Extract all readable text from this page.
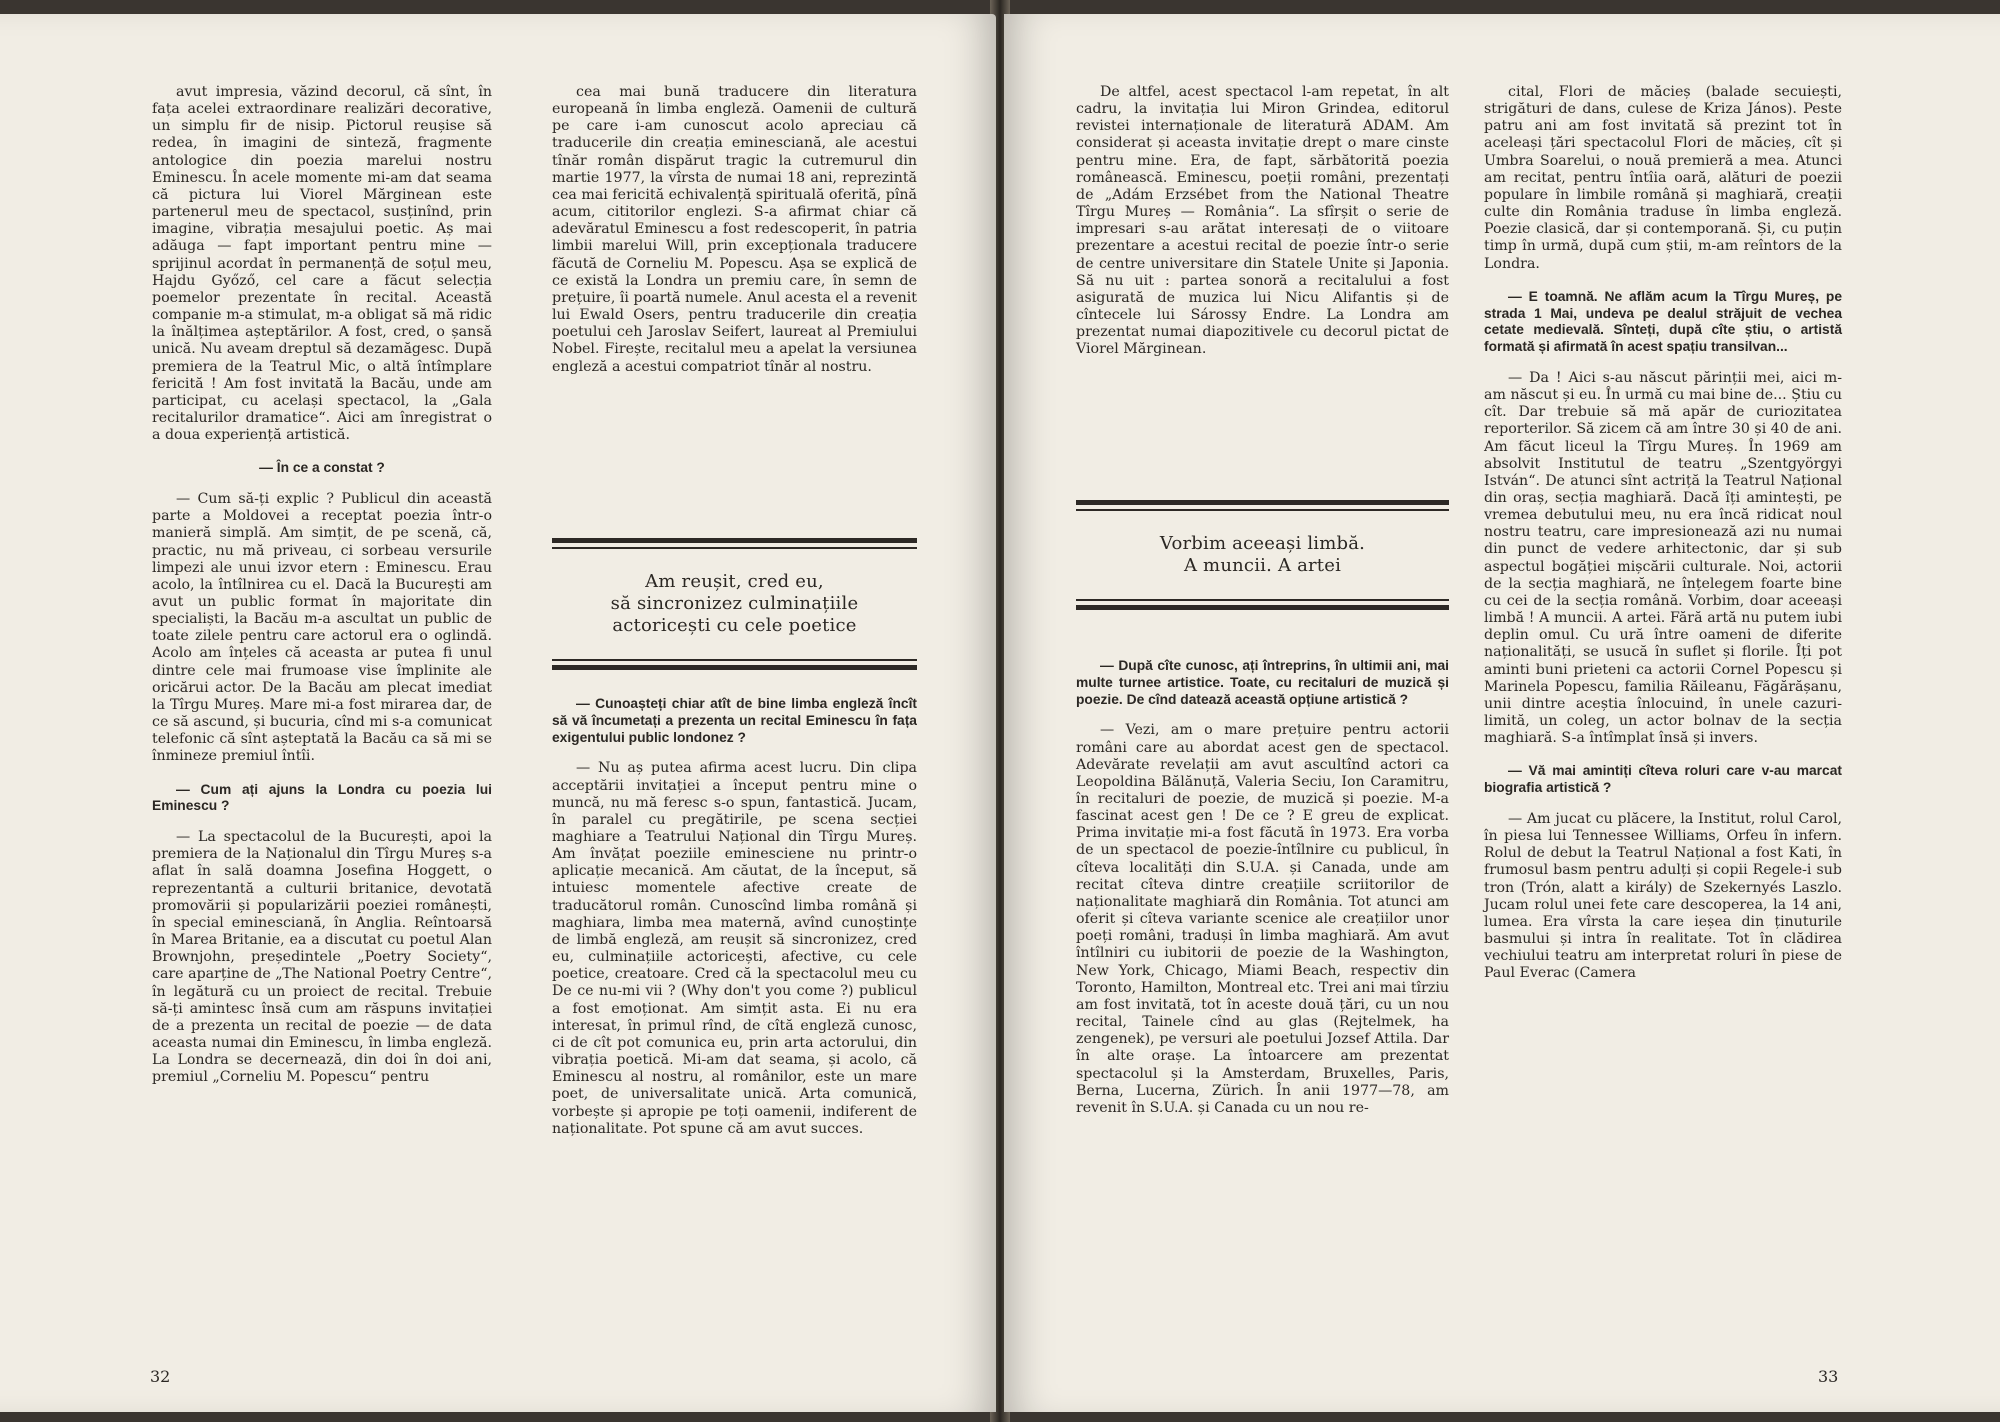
avut impresia, văzind decorul, că sînt, în fața acelei extraordinare realizări decorative, un simplu fir de nisip. Pictorul reușise să redea, în imagini de sinteză, fragmente antologice din poezia marelui nostru Eminescu. În acele momente mi-am dat seama că pictura lui Viorel Mărginean este partenerul meu de spectacol, susținînd, prin imagine, vibrația mesajului poetic. Aș mai adăuga — fapt important pentru mine — sprijinul acordat în permanență de soțul meu, Hajdu Győző, cel care a făcut selecția poemelor prezentate în recital. Această companie m-a stimulat, m-a obligat să mă ridic la înălțimea așteptărilor. A fost, cred, o șansă unică. Nu aveam dreptul să dezamăgesc. După premiera de la Teatrul Mic, o altă întîmplare fericită ! Am fost invitată la Bacău, unde am participat, cu același spectacol, la „Gala recitalurilor dramatice“. Aici am înregistrat o a doua experiență artistică.

— În ce a constat ?

— Cum să-ți explic ? Publicul din această parte a Moldovei a receptat poezia într-o manieră simplă. Am simțit, de pe scenă, că, practic, nu mă priveau, ci sorbeau versurile limpezi ale unui izvor etern : Eminescu. Erau acolo, la întîlnirea cu el. Dacă la București am avut un public format în majoritate din specialiști, la Bacău m-a ascultat un public de toate zilele pentru care actorul era o oglindă. Acolo am înțeles că aceasta ar putea fi unul dintre cele mai frumoase vise împlinite ale oricărui actor. De la Bacău am plecat imediat la Tîrgu Mureș. Mare mi-a fost mirarea dar, de ce să ascund, și bucuria, cînd mi s-a comunicat telefonic că sînt așteptată la Bacău ca să mi se înmineze premiul întîi.

— Cum ați ajuns la Londra cu poezia lui Eminescu ?

— La spectacolul de la București, apoi la premiera de la Naționalul din Tîrgu Mureș s-a aflat în sală doamna Josefina Hoggett, o reprezentantă a culturii britanice, devotată promovării și popularizării poeziei românești, în special eminesciană, în Anglia. Reîntoarsă în Marea Britanie, ea a discutat cu poetul Alan Brownjohn, președintele „Poetry Society“, care aparține de „The National Poetry Centre“, în legătură cu un proiect de recital. Trebuie să-ți amintesc însă cum am răspuns invitației de a prezenta un recital de poezie — de data aceasta numai din Eminescu, în limba engleză. La Londra se decernează, din doi în doi ani, premiul „Corneliu M. Popescu“ pentru

cea mai bună traducere din literatura europeană în limba engleză. Oamenii de cultură pe care i-am cunoscut acolo apreciau că traducerile din creația eminesciană, ale acestui tînăr român dispărut tragic la cutremurul din martie 1977, la vîrsta de numai 18 ani, reprezintă cea mai fericită echivalență spirituală oferită, pînă acum, cititorilor englezi. S-a afirmat chiar că adevăratul Eminescu a fost redescoperit, în patria limbii marelui Will, prin excepționala traducere făcută de Corneliu M. Popescu. Așa se explică de ce există la Londra un premiu care, în semn de prețuire, îi poartă numele. Anul acesta el a revenit lui Ewald Osers, pentru traducerile din creația poetului ceh Jaroslav Seifert, laureat al Premiului Nobel. Firește, recitalul meu a apelat la versiunea engleză a acestui compatriot tînăr al nostru.

Am reușit, cred eu,
să sincronizez culminațiile
actoricești cu cele poetice
— Cunoașteți chiar atît de bine limba engleză încît să vă încumetați a prezenta un recital Eminescu în fața exigentului public londonez ?

— Nu aș putea afirma acest lucru. Din clipa acceptării invitației a început pentru mine o muncă, nu mă feresc s-o spun, fantastică. Jucam, în paralel cu pregătirile, pe scena secției maghiare a Teatrului Național din Tîrgu Mureș. Am învățat poeziile eminesciene nu printr-o aplicație mecanică. Am căutat, de la început, să intuiesc momentele afective create de traducătorul român. Cunoscînd limba română și maghiara, limba mea maternă, avînd cunoștințe de limbă engleză, am reușit să sincronizez, cred eu, culminațiile actoricești, afective, cu cele poetice, creatoare. Cred că la spectacolul meu cu De ce nu-mi vii ? (Why don't you come ?) publicul a fost emoționat. Am simțit asta. Ei nu era interesat, în primul rînd, de cîtă engleză cunosc, ci de cît pot comunica eu, prin arta actorului, din vibrația poetică. Mi-am dat seama, și acolo, că Eminescu al nostru, al românilor, este un mare poet, de universalitate unică. Arta comunică, vorbește și apropie pe toți oamenii, indiferent de naționalitate. Pot spune că am avut succes.

32

De altfel, acest spectacol l-am repetat, în alt cadru, la invitația lui Miron Grindea, editorul revistei internaționale de literatură ADAM. Am considerat și aceasta invitație drept o mare cinste pentru mine. Era, de fapt, sărbătorită poezia românească. Eminescu, poeții români, prezentați de „Adám Erzsébet from the National Theatre Tîrgu Mureș — România“. La sfîrșit o serie de impresari s-au arătat interesați de o viitoare prezentare a acestui recital de poezie într-o serie de centre universitare din Statele Unite și Japonia. Să nu uit : partea sonoră a recitalului a fost asigurată de muzica lui Nicu Alifantis și de cîntecele lui Sárossy Endre. La Londra am prezentat numai diapozitivele cu decorul pictat de Viorel Mărginean.

Vorbim aceeași limbă.
A muncii. A artei
— După cîte cunosc, ați întreprins, în ultimii ani, mai multe turnee artistice. Toate, cu recitaluri de muzică și poezie. De cînd datează această opțiune artistică ?

— Vezi, am o mare prețuire pentru actorii români care au abordat acest gen de spectacol. Adevărate revelații am avut ascultînd actori ca Leopoldina Bălănuță, Valeria Seciu, Ion Caramitru, în recitaluri de poezie, de muzică și poezie. M-a fascinat acest gen ! De ce ? E greu de explicat. Prima invitație mi-a fost făcută în 1973. Era vorba de un spectacol de poezie-întîlnire cu publicul, în cîteva localități din S.U.A. și Canada, unde am recitat cîteva dintre creațiile scriitorilor de naționalitate maghiară din România. Tot atunci am oferit și cîteva variante scenice ale creațiilor unor poeți români, traduși în limba maghiară. Am avut întîlniri cu iubitorii de poezie de la Washington, New York, Chicago, Miami Beach, respectiv din Toronto, Hamilton, Montreal etc. Trei ani mai tîrziu am fost invitată, tot în aceste două țări, cu un nou recital, Tainele cînd au glas (Rejtelmek, ha zengenek), pe versuri ale poetului Jozsef Attila. Dar în alte orașe. La întoarcere am prezentat spectacolul și la Amsterdam, Bruxelles, Paris, Berna, Lucerna, Zürich. În anii 1977—78, am revenit în S.U.A. și Canada cu un nou re-

cital, Flori de măcieș (balade secuiești, strigături de dans, culese de Kriza János). Peste patru ani am fost invitată să prezint tot în aceleași țări spectacolul Flori de măcieș, cît și Umbra Soarelui, o nouă premieră a mea. Atunci am recitat, pentru întîia oară, alături de poezii populare în limbile română și maghiară, creații culte din România traduse în limba engleză. Poezie clasică, dar și contemporană. Și, cu puțin timp în urmă, după cum știi, m-am reîntors de la Londra.

— E toamnă. Ne aflăm acum la Tîrgu Mureș, pe strada 1 Mai, undeva pe dealul străjuit de vechea cetate medievală. Sînteți, după cîte știu, o artistă formată și afirmată în acest spațiu transilvan...

— Da ! Aici s-au născut părinții mei, aici m-am născut și eu. În urmă cu mai bine de... Știu cu cît. Dar trebuie să mă apăr de curiozitatea reporterilor. Să zicem că am între 30 și 40 de ani. Am făcut liceul la Tîrgu Mureș. În 1969 am absolvit Institutul de teatru „Szentgyörgyi István“. De atunci sînt actriță la Teatrul Național din oraș, secția maghiară. Dacă îți amintești, pe vremea debutului meu, nu era încă ridicat noul nostru teatru, care impresionează azi nu numai din punct de vedere arhitectonic, dar și sub aspectul bogăției mișcării culturale. Noi, actorii de la secția maghiară, ne înțelegem foarte bine cu cei de la secția română. Vorbim, doar aceeași limbă ! A muncii. A artei. Fără artă nu putem iubi deplin omul. Cu ură între oameni de diferite naționalități, se usucă în suflet și florile. Îți pot aminti buni prieteni ca actorii Cornel Popescu și Marinela Popescu, familia Răileanu, Făgărășanu, unii dintre aceștia înlocuind, în unele cazuri-limită, un coleg, un actor bolnav de la secția maghiară. S-a întîmplat însă și invers.

— Vă mai amintiți cîteva roluri care v-au marcat biografia artistică ?

— Am jucat cu plăcere, la Institut, rolul Carol, în piesa lui Tennessee Williams, Orfeu în infern. Rolul de debut la Teatrul Național a fost Kati, în frumosul basm pentru adulți și copii Regele-i sub tron (Trón, alatt a király) de Szekernyés Laszlo. Jucam rolul unei fete care descoperea, la 14 ani, lumea. Era vîrsta la care ieșea din ținuturile basmului și intra în realitate. Tot în clădirea vechiului teatru am interpretat roluri în piese de Paul Everac (Camera

33
